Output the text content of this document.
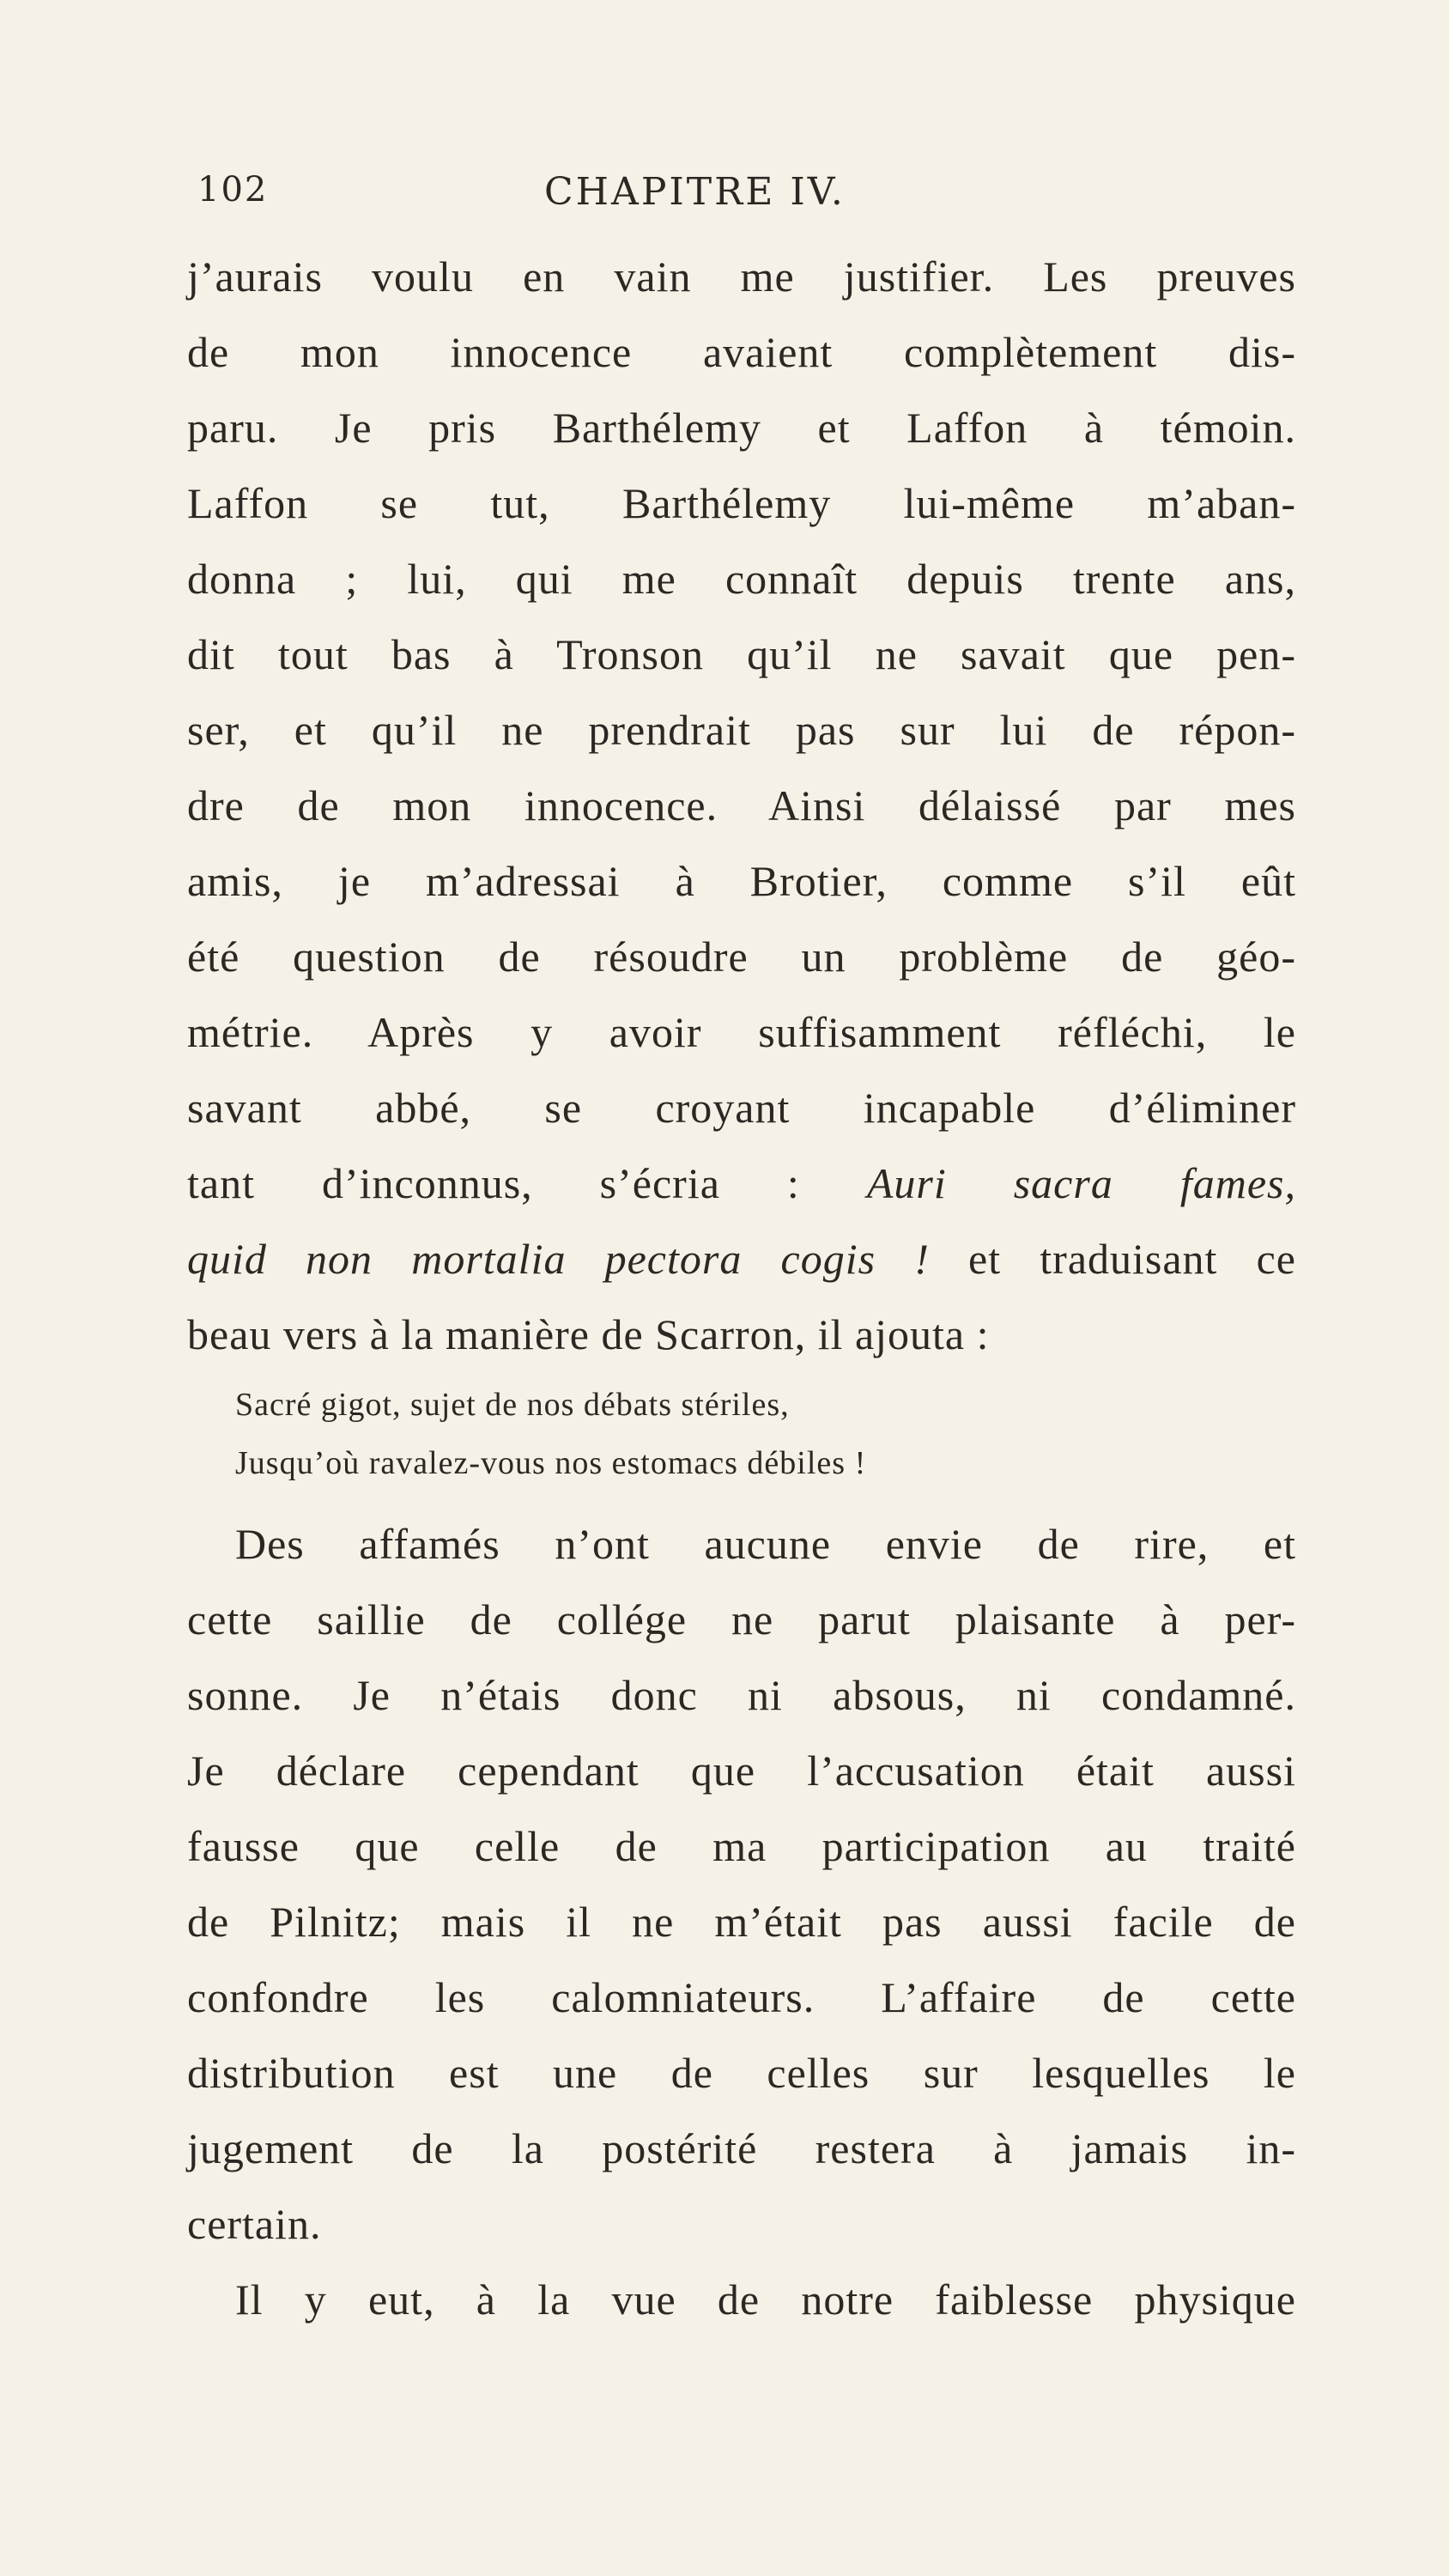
102	CHAPITRE IV.
j’aurais voulu en vain me justifier. Les preuves
de mon innocence avaient complètement dis-
paru. Je pris Barthélemy et Laffon à témoin.
Laffon se tut, Barthélemy lui-même m’aban-
donna ; lui, qui me connaît depuis trente ans,
dit tout bas à Tronson qu’il ne savait que pen-
ser, et qu’il ne prendrait pas sur lui de répon-
dre de mon innocence. Ainsi délaissé par mes
amis, je m’adressai à Brotier, comme s’il eût
été question de résoudre un problème de géo-
métrie. Après y avoir suffisamment réfléchi, le
savant abbé, se croyant incapable d’éliminer
tant d’inconnus, s’écria : Auri sacra fames,
quid non mortalia pectora cogis ! et traduisant ce
beau vers à la manière de Scarron, il ajouta :
Sacré gigot, sujet de nos débats stériles,
Jusqu’où ravalez-vous nos estomacs débiles !
Des affamés n’ont aucune envie de rire, et
cette saillie de collége ne parut plaisante à per-
sonne. Je n’étais donc ni absous, ni condamné.
Je déclare cependant que l’accusation était aussi
fausse que celle de ma participation au traité
de Pilnitz; mais il ne m’était pas aussi facile de
confondre les calomniateurs. L’affaire de cette
distribution est une de celles sur lesquelles le
jugement de la postérité restera à jamais in-
certain.
Il y eut, à la vue de notre faiblesse physique
